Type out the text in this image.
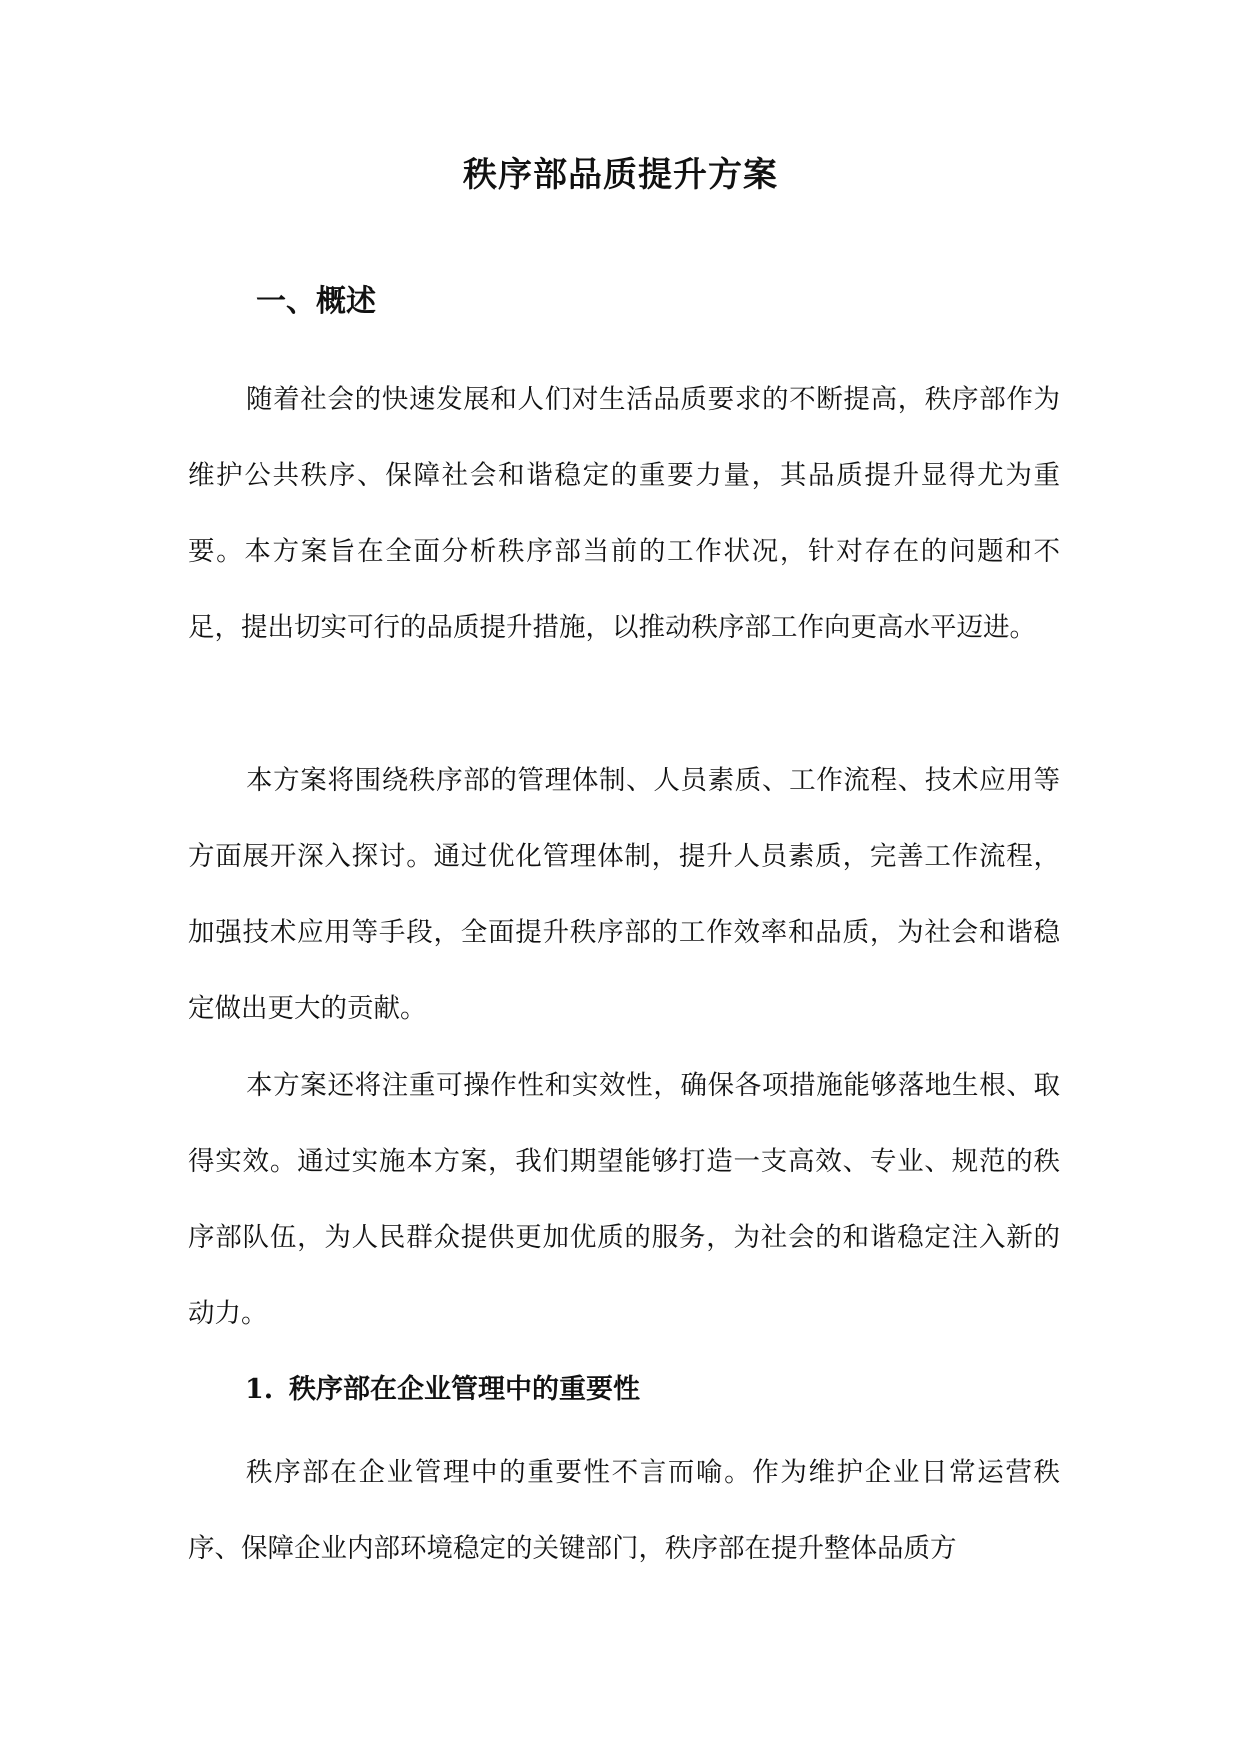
秩序部品质提升方案
一、概述

随着社会的快速发展和人们对生活品质要求的不断提高，秩序部作为维护公共秩序、保障社会和谐稳定的重要力量，其品质提升显得尤为重要。本方案旨在全面分析秩序部当前的工作状况，针对存在的问题和不足，提出切实可行的品质提升措施，以推动秩序部工作向更高水平迈进。

本方案将围绕秩序部的管理体制、人员素质、工作流程、技术应用等方面展开深入探讨。通过优化管理体制，提升人员素质，完善工作流程，加强技术应用等手段，全面提升秩序部的工作效率和品质，为社会和谐稳定做出更大的贡献。

本方案还将注重可操作性和实效性，确保各项措施能够落地生根、取得实效。通过实施本方案，我们期望能够打造一支高效、专业、规范的秩序部队伍，为人民群众提供更加优质的服务，为社会的和谐稳定注入新的动力。

1. 秩序部在企业管理中的重要性

秩序部在企业管理中的重要性不言而喻。作为维护企业日常运营秩序、保障企业内部环境稳定的关键部门，秩序部在提升整体品质方
